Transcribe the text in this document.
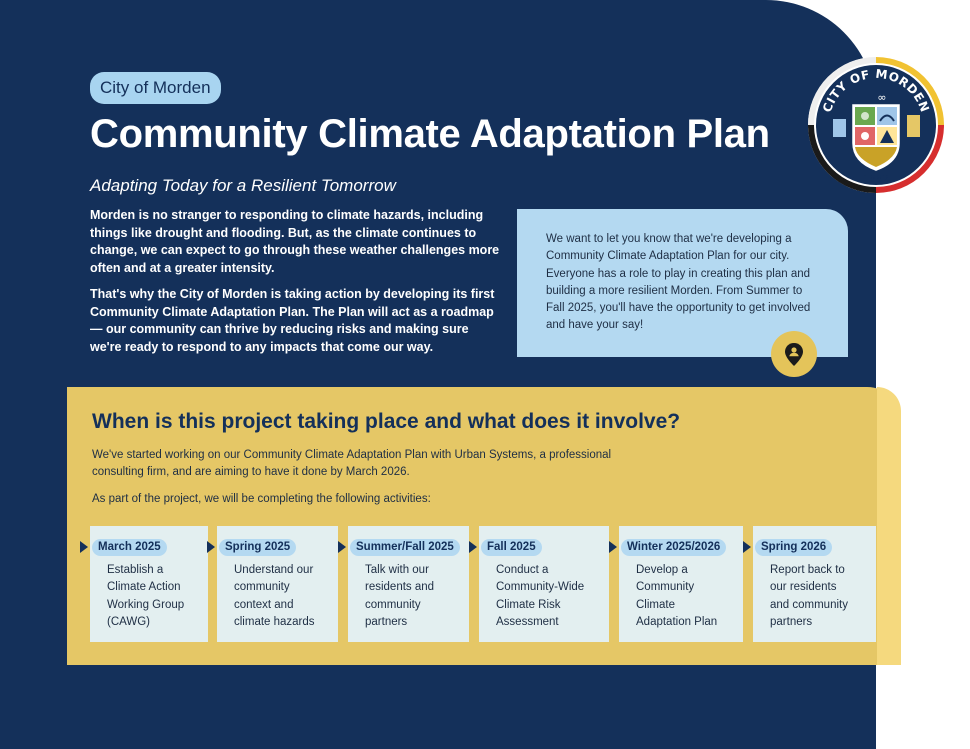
City of Morden
Community Climate Adaptation Plan
Adapting Today for a Resilient Tomorrow

Morden is no stranger to responding to climate hazards, including things like drought and flooding. But, as the climate continues to change, we can expect to go through these weather challenges more often and at a greater intensity.

That's why the City of Morden is taking action by developing its first Community Climate Adaptation Plan. The Plan will act as a roadmap — our community can thrive by reducing risks and making sure we're ready to respond to any impacts that come our way.

We want to let you know that we're developing a Community Climate Adaptation Plan for our city. Everyone has a role to play in creating this plan and building a more resilient Morden. From Summer to Fall 2025, you'll have the opportunity to get involved and have your say!
CITY OF MORDEN
∞
1882
When is this project taking place and what does it involve?
We've started working on our Community Climate Adaptation Plan with Urban Systems, a professional consulting firm, and are aiming to have it done by March 2026.
As part of the project, we will be completing the following activities:
March 2025
Establish a
Climate Action
Working Group
(CAWG)
Spring 2025
Understand our
community
context and
climate hazards
Summer/Fall 2025
Talk with our
residents and
community
partners
Fall 2025
Conduct a
Community-Wide
Climate Risk
Assessment
Winter 2025/2026
Develop a
Community
Climate
Adaptation Plan
Spring 2026
Report back to
our residents
and community
partners
